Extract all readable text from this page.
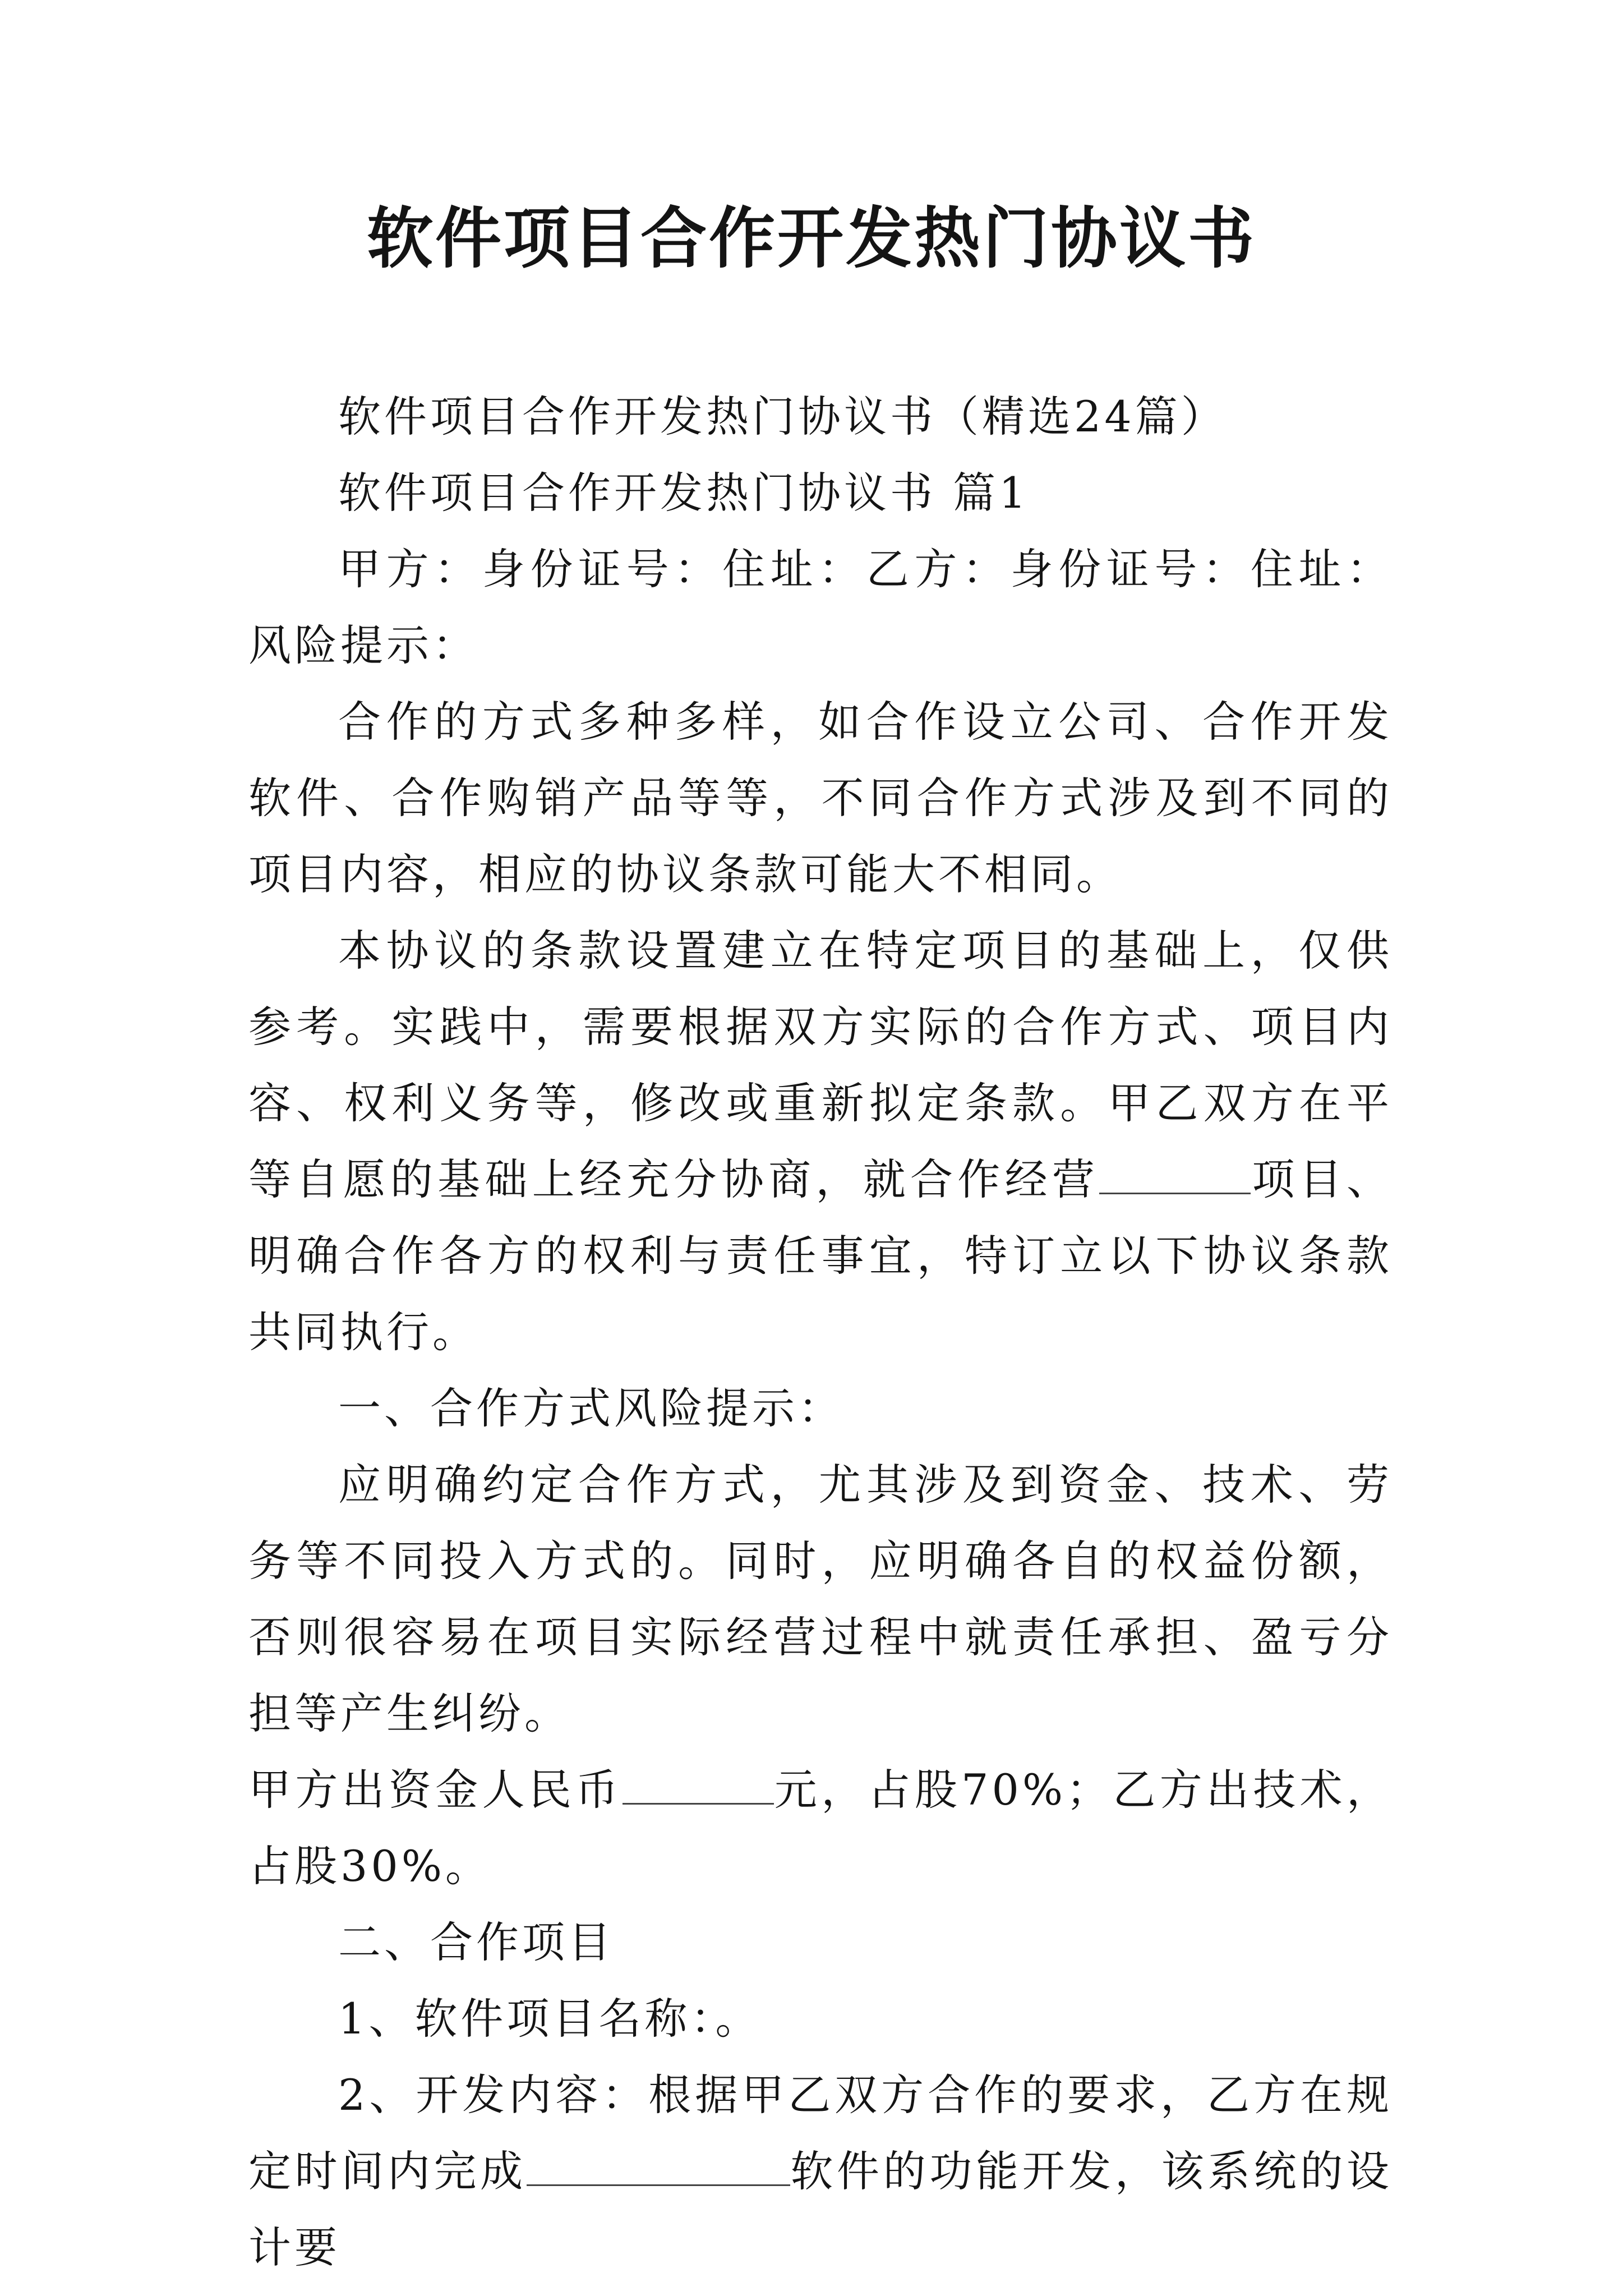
软件项目合作开发热门协议书

软件项目合作开发热门协议书（精选24篇）

软件项目合作开发热门协议书 篇1

甲方：身份证号：住址：乙方：身份证号：住址：风险提示：

合作的方式多种多样，如合作设立公司、合作开发软件、合作购销产品等等，不同合作方式涉及到不同的项目内容，相应的协议条款可能大不相同。

本协议的条款设置建立在特定项目的基础上，仅供参考。实践中，需要根据双方实际的合作方式、项目内容、权利义务等，修改或重新拟定条款。甲乙双方在平等自愿的基础上经充分协商，就合作经营	项目、明确合作各方的权利与责任事宜，特订立以下协议条款共同执行。

一、合作方式风险提示：

应明确约定合作方式，尤其涉及到资金、技术、劳务等不同投入方式的。同时，应明确各自的权益份额，否则很容易在项目实际经营过程中就责任承担、盈亏分担等产生纠纷。

甲方出资金人民币	元，占股70%；乙方出技术，占股30%。

二、合作项目

1、软件项目名称：。

2、开发内容：根据甲乙双方合作的要求，乙方在规定时间内完成	软件的功能开发，该系统的设计要
